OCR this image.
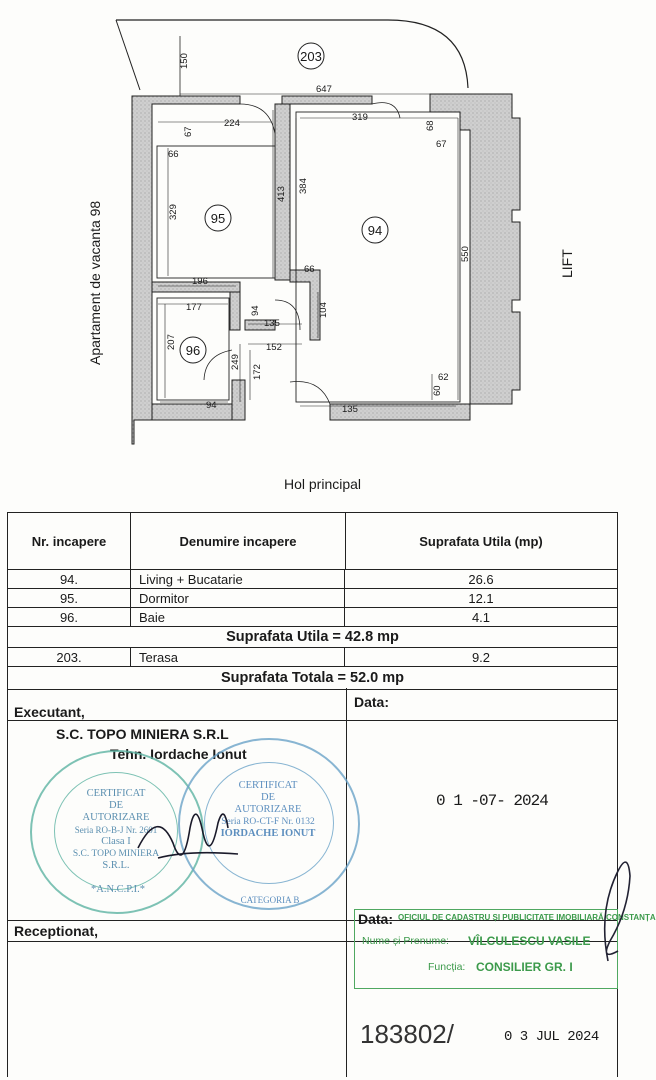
203
95
94
96
150
647
224
319
67
66
68
67
384
413
329
550
196
177
66
94
135
104
152
207
249
172
60
62
94	135
Apartament de vacanta 98	LIFT
Hol principal
Nr. incapere	Denumire incapere	Suprafata Utila (mp)
94.	Living + Bucatarie	26.6
95.	Dormitor	12.1
96.	Baie	4.1
Suprafata Utila = 42.8 mp
203.	Terasa	9.2
Suprafata Totala = 52.0 mp
Executant,
Data:
S.C. TOPO MINIERA S.R.L
Tehn. Iordache Ionut
0 1 -07- 2024
CERTIFICAT
DE
AUTORIZARE
Seria RO-B-J Nr. 2601
Clasa I
S.C. TOPO MINIERA
S.R.L.
*A.N.C.P.I.*
CERTIFICAT
DE
AUTORIZARE
Seria RO-CT-F Nr. 0132
IORDACHE IONUT
CATEGORIA B
Receptionat,
Data: OFICIUL DE CADASTRU ȘI PUBLICITATE IMOBILIARĂ CONSTANȚA
Nume și Prenume: VÎLCULESCU VASILE
Funcția: CONSILIER GR. I
183802/	0 3 JUL 2024
